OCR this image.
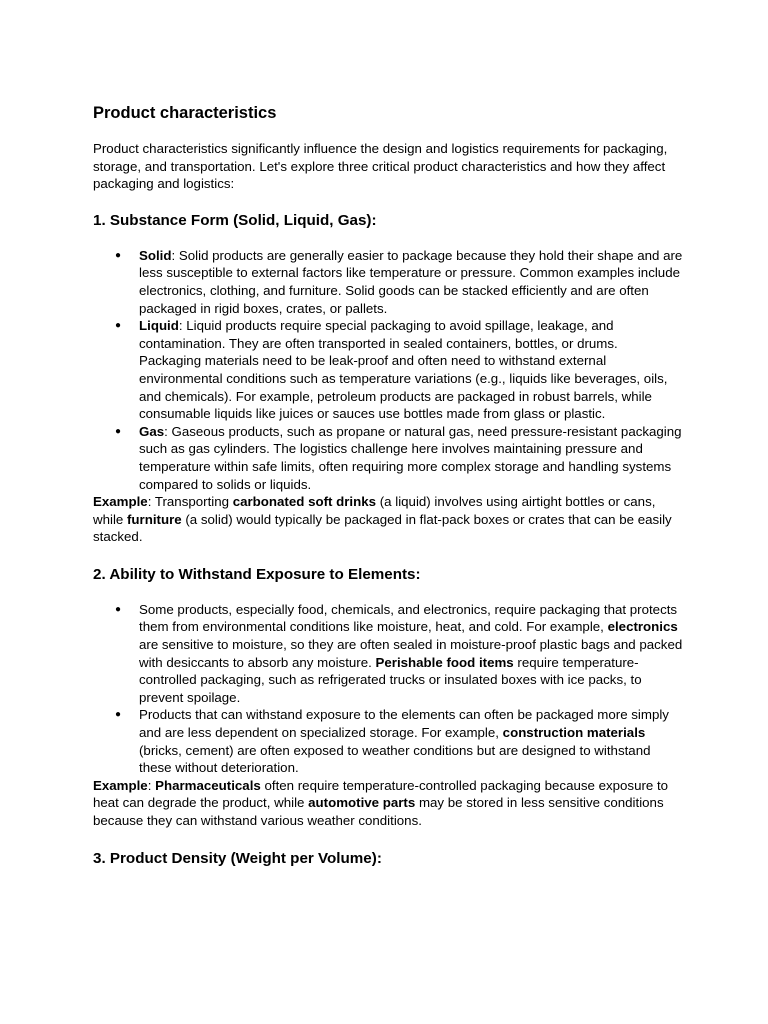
Product characteristics

Product characteristics significantly influence the design and logistics requirements for packaging, storage, and transportation. Let's explore three critical product characteristics and how they affect packaging and logistics:

1. Substance Form (Solid, Liquid, Gas):
● Solid: Solid products are generally easier to package because they hold their shape and are less susceptible to external factors like temperature or pressure. Common examples include electronics, clothing, and furniture. Solid goods can be stacked efficiently and are often packaged in rigid boxes, crates, or pallets.
● Liquid: Liquid products require special packaging to avoid spillage, leakage, and contamination. They are often transported in sealed containers, bottles, or drums. Packaging materials need to be leak-proof and often need to withstand external environmental conditions such as temperature variations (e.g., liquids like beverages, oils, and chemicals). For example, petroleum products are packaged in robust barrels, while consumable liquids like juices or sauces use bottles made from glass or plastic.
● Gas: Gaseous products, such as propane or natural gas, need pressure-resistant packaging such as gas cylinders. The logistics challenge here involves maintaining pressure and temperature within safe limits, often requiring more complex storage and handling systems compared to solids or liquids.

Example: Transporting carbonated soft drinks (a liquid) involves using airtight bottles or cans, while furniture (a solid) would typically be packaged in flat-pack boxes or crates that can be easily stacked.

2. Ability to Withstand Exposure to Elements:
● Some products, especially food, chemicals, and electronics, require packaging that protects them from environmental conditions like moisture, heat, and cold. For example, electronics are sensitive to moisture, so they are often sealed in moisture-proof plastic bags and packed with desiccants to absorb any moisture. Perishable food items require temperature-controlled packaging, such as refrigerated trucks or insulated boxes with ice packs, to prevent spoilage.
● Products that can withstand exposure to the elements can often be packaged more simply and are less dependent on specialized storage. For example, construction materials (bricks, cement) are often exposed to weather conditions but are designed to withstand these without deterioration.

Example: Pharmaceuticals often require temperature-controlled packaging because exposure to heat can degrade the product, while automotive parts may be stored in less sensitive conditions because they can withstand various weather conditions.

3. Product Density (Weight per Volume):
